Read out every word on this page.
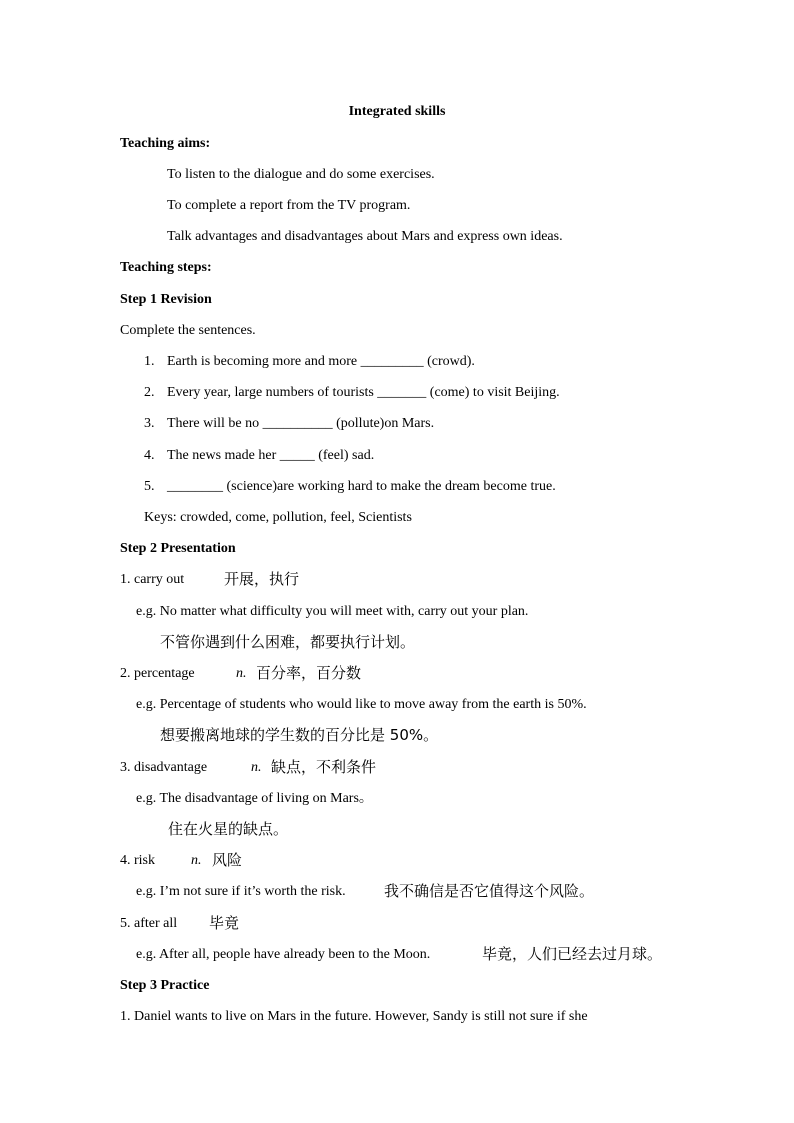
Integrated skills
Teaching aims:
To listen to the dialogue and do some exercises.
To complete a report from the TV program.
Talk advantages and disadvantages about Mars and express own ideas.
Teaching steps:
Step 1 Revision
Complete the sentences.
1. Earth is becoming more and more _________ (crowd).
2. Every year, large numbers of tourists _______ (come) to visit Beijing.
3. There will be no __________ (pollute)on Mars.
4. The news made her _____ (feel) sad.
5. ________ (science)are working hard to make the dream become true.
Keys: crowded, come, pollution, feel, Scientists
Step 2 Presentation
1. carry out	开展，执行
e.g. No matter what difficulty you will meet with, carry out your plan.
不管你遇到什么困难，都要执行计划。
2. percentage	n. 百分率，百分数
e.g. Percentage of students who would like to move away from the earth is 50%.
想要搬离地球的学生数的百分比是 50%。
3. disadvantage	n. 缺点，不利条件
e.g. The disadvantage of living on Mars。
住在火星的缺点。
4. risk	n. 风险
e.g. I’m not sure if it’s worth the risk.	我不确信是否它值得这个风险。
5. after all 毕竟
e.g. After all, people have already been to the Moon.	毕竟，人们已经去过月球。
Step 3 Practice
1. Daniel wants to live on Mars in the future. However, Sandy is still not sure if she
